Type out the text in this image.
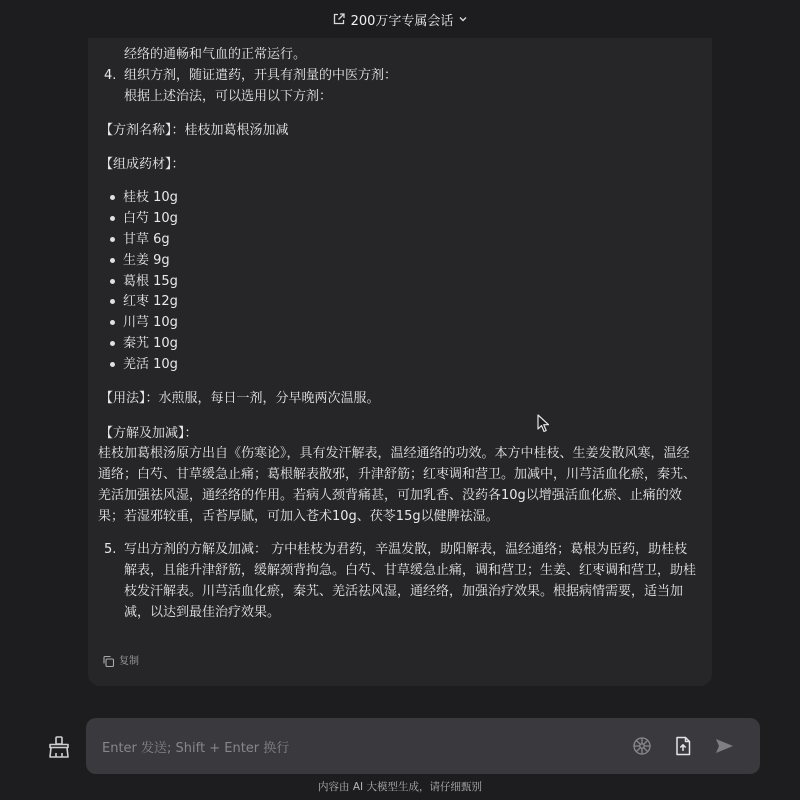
200万字专属会话
经络的通畅和气血的正常运行。
4. 组织方剂，随证遣药，开具有剂量的中医方剂：
根据上述治法，可以选用以下方剂：
【方剂名称】：桂枝加葛根汤加减
【组成药材】：
桂枝 10g
白芍 10g
甘草 6g
生姜 9g
葛根 15g
红枣 12g
川芎 10g
秦艽 10g
羌活 10g
【用法】：水煎服，每日一剂，分早晚两次温服。
【方解及加减】：
桂枝加葛根汤原方出自《伤寒论》，具有发汗解表，温经通络的功效。本方中桂枝、生姜发散风寒，温经通络；白芍、甘草缓急止痛；葛根解表散邪，升津舒筋；红枣调和营卫。加减中，川芎活血化瘀，秦艽、羌活加强祛风湿，通经络的作用。若病人颈背痛甚，可加乳香、没药各10g以增强活血化瘀、止痛的效果；若湿邪较重，舌苔厚腻，可加入苍术10g、茯苓15g以健脾祛湿。
5. 写出方剂的方解及加减： 方中桂枝为君药，辛温发散，助阳解表，温经通络；葛根为臣药，助桂枝解表，且能升津舒筋，缓解颈背拘急。白芍、甘草缓急止痛，调和营卫；生姜、红枣调和营卫，助桂枝发汗解表。川芎活血化瘀，秦艽、羌活祛风湿，通经络，加强治疗效果。根据病情需要，适当加减，以达到最佳治疗效果。
复制
Enter 发送; Shift + Enter 换行
内容由 AI 大模型生成，请仔细甄别
